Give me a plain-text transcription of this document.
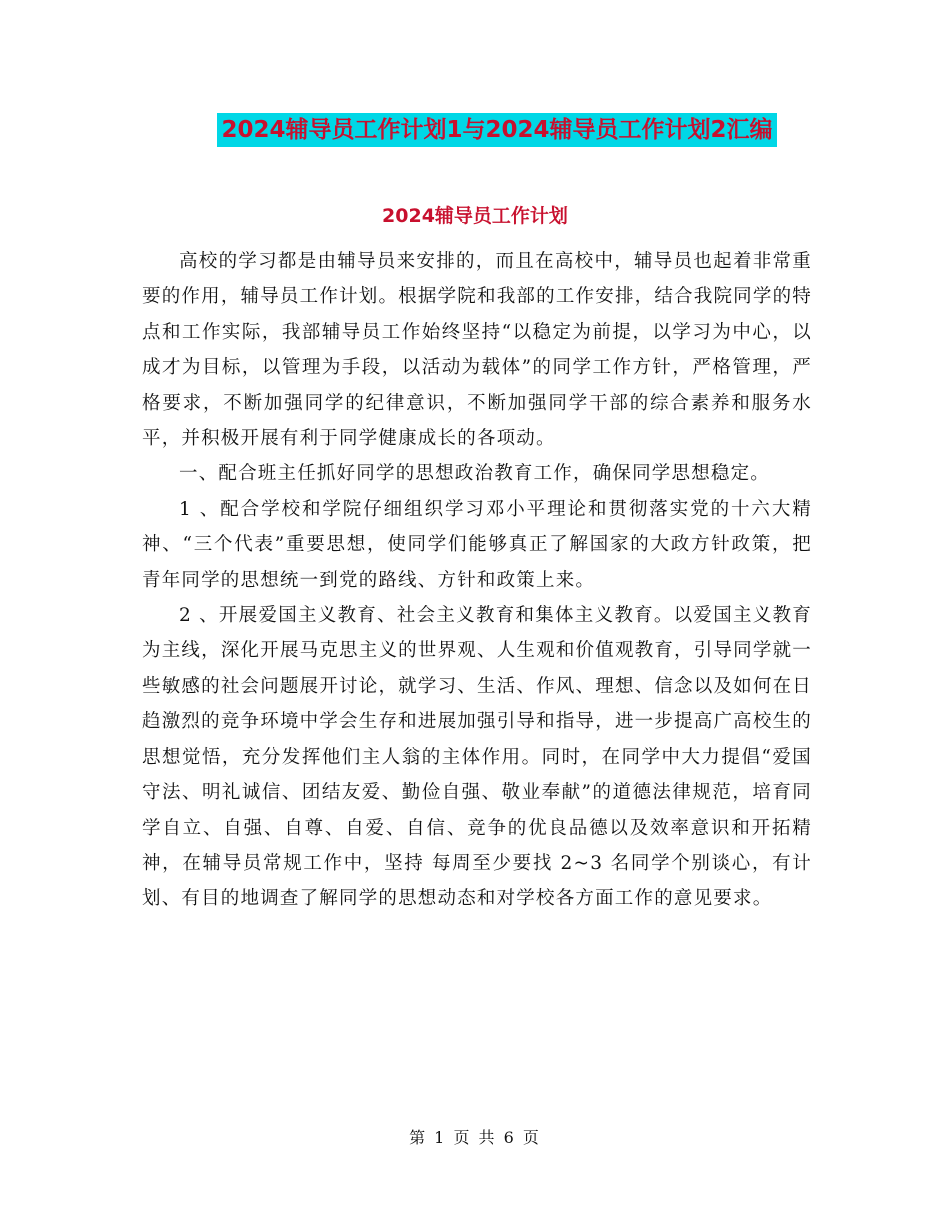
2024辅导员工作计划1与2024辅导员工作计划2汇编
2024辅导员工作计划

高校的学习都是由辅导员来安排的，而且在高校中，辅导员也起着非常重要的作用，辅导员工作计划。根据学院和我部的工作安排，结合我院同学的特点和工作实际，我部辅导员工作始终坚持“以稳定为前提，以学习为中心，以成才为目标，以管理为手段，以活动为载体”的同学工作方针，严格管理，严格要求，不断加强同学的纪律意识，不断加强同学干部的综合素养和服务水平，并积极开展有利于同学健康成长的各项动。

一、配合班主任抓好同学的思想政治教育工作，确保同学思想稳定。

1 、配合学校和学院仔细组织学习邓小平理论和贯彻落实党的十六大精神、“三个代表”重要思想，使同学们能够真正了解国家的大政方针政策，把青年同学的思想统一到党的路线、方针和政策上来。

2 、开展爱国主义教育、社会主义教育和集体主义教育。以爱国主义教育为主线，深化开展马克思主义的世界观、人生观和价值观教育，引导同学就一些敏感的社会问题展开讨论，就学习、生活、作风、理想、信念以及如何在日趋激烈的竞争环境中学会生存和进展加强引导和指导，进一步提高广高校生的思想觉悟，充分发挥他们主人翁的主体作用。同时，在同学中大力提倡“爱国守法、明礼诚信、团结友爱、勤俭自强、敬业奉献”的道德法律规范，培育同学自立、自强、自尊、自爱、自信、竞争的优良品德以及效率意识和开拓精神，在辅导员常规工作中，坚持 每周至少要找 2~3 名同学个别谈心，有计划、有目的地调查了解同学的思想动态和对学校各方面工作的意见要求。

第 1 页 共 6 页
